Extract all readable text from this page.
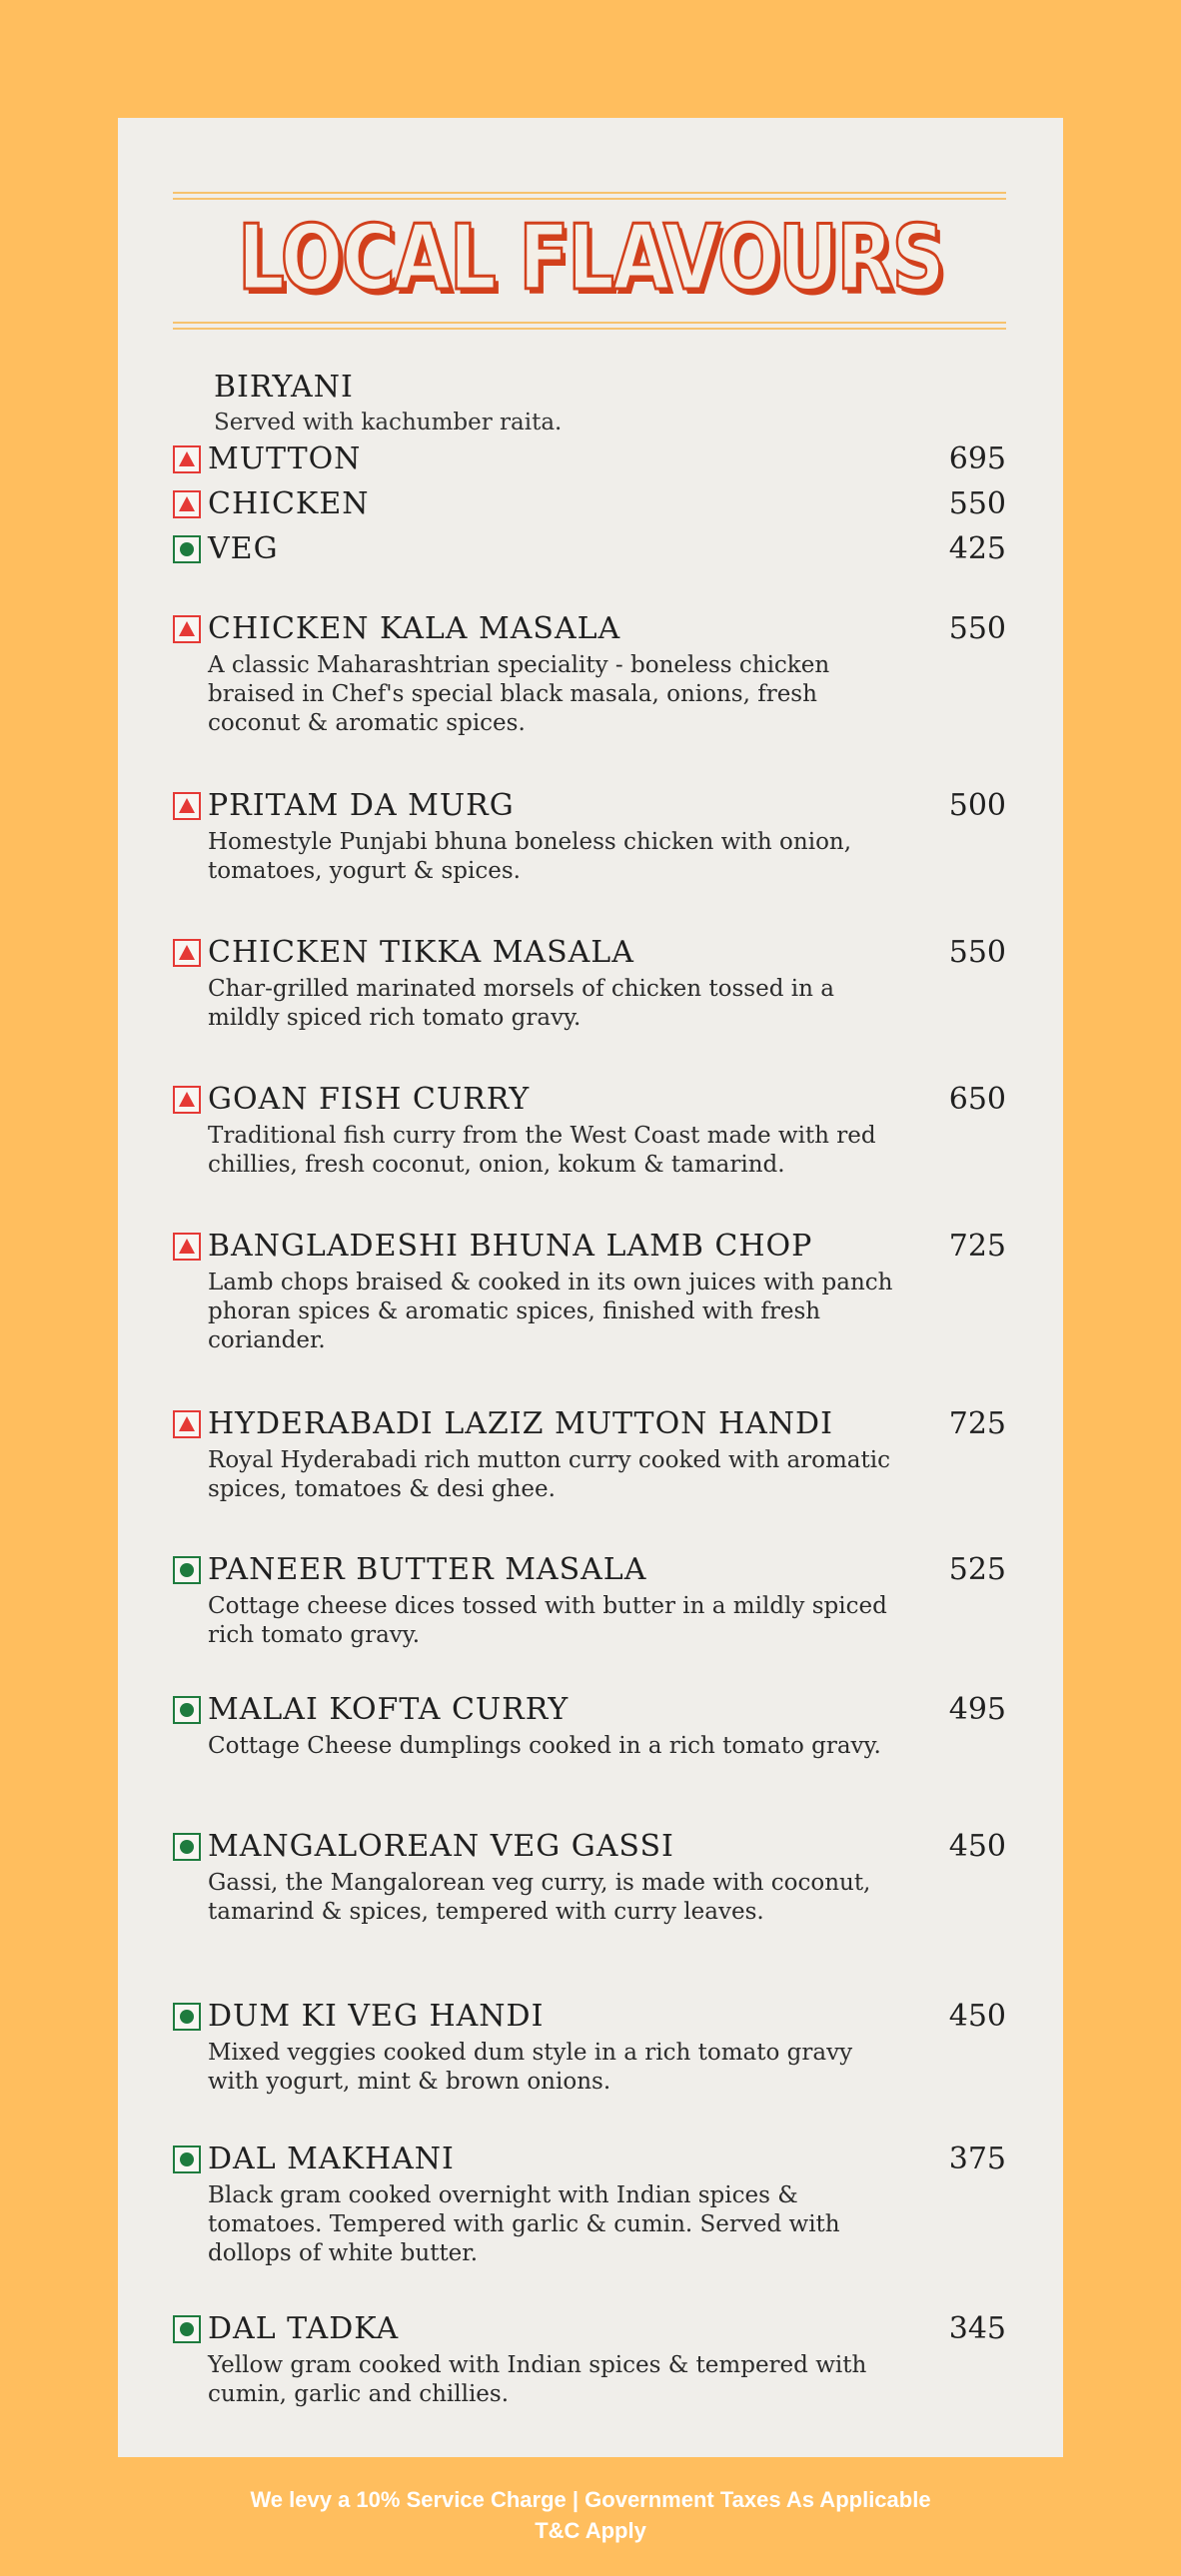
LOCAL FLAVOURS
BIRYANI
Served with kachumber raita.
MUTTON	695
CHICKEN	550
VEG	425
CHICKEN KALA MASALA	550
A classic Maharashtrian speciality - boneless chicken braised in Chef's special black masala, onions, fresh coconut & aromatic spices.
PRITAM DA MURG	500
Homestyle Punjabi bhuna boneless chicken with onion, tomatoes, yogurt & spices.
CHICKEN TIKKA MASALA	550
Char-grilled marinated morsels of chicken tossed in a mildly spiced rich tomato gravy.
GOAN FISH CURRY	650
Traditional fish curry from the West Coast made with red chillies, fresh coconut, onion, kokum & tamarind.
BANGLADESHI BHUNA LAMB CHOP	725
Lamb chops braised & cooked in its own juices with panch phoran spices & aromatic spices, finished with fresh coriander.
HYDERABADI LAZIZ MUTTON HANDI	725
Royal Hyderabadi rich mutton curry cooked with aromatic spices, tomatoes & desi ghee.
PANEER BUTTER MASALA	525
Cottage cheese dices tossed with butter in a mildly spiced rich tomato gravy.
MALAI KOFTA CURRY	495
Cottage Cheese dumplings cooked in a rich tomato gravy.
MANGALOREAN VEG GASSI	450
Gassi, the Mangalorean veg curry, is made with coconut, tamarind & spices, tempered with curry leaves.
DUM KI VEG HANDI	450
Mixed veggies cooked dum style in a rich tomato gravy with yogurt, mint & brown onions.
DAL MAKHANI	375
Black gram cooked overnight with Indian spices & tomatoes. Tempered with garlic & cumin. Served with dollops of white butter.
DAL TADKA	345
Yellow gram cooked with Indian spices & tempered with cumin, garlic and chillies.
We levy a 10% Service Charge | Government Taxes As Applicable
T&C Apply
